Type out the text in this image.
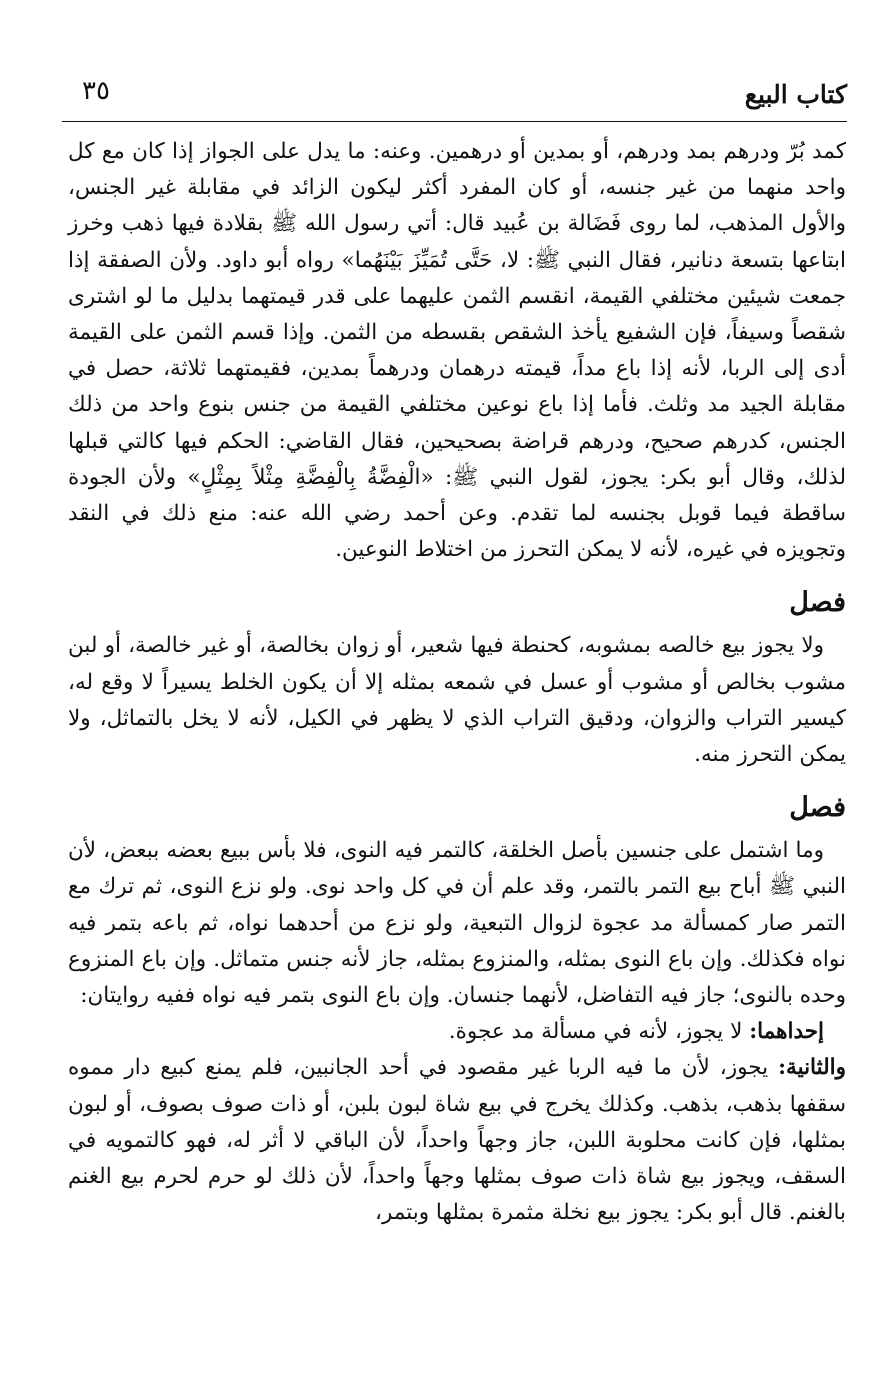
٣٥	كتاب البيع

كمد بُرّ ودرهم بمد ودرهم، أو بمدين أو درهمين. وعنه: ما يدل على الجواز إذا كان مع كل واحد منهما من غير جنسه، أو كان المفرد أكثر ليكون الزائد في مقابلة غير الجنس، والأول المذهب، لما روى فَضَالة بن عُبيد قال: أتي رسول الله ﷺ بقلادة فيها ذهب وخرز ابتاعها بتسعة دنانير، فقال النبي ﷺ: لا، حَتَّى تُمَيِّزَ بَيْنَهُما» رواه أبو داود. ولأن الصفقة إذا جمعت شيئين مختلفي القيمة، انقسم الثمن عليهما على قدر قيمتهما بدليل ما لو اشترى شقصاً وسيفاً، فإن الشفيع يأخذ الشقص بقسطه من الثمن. وإذا قسم الثمن على القيمة أدى إلى الربا، لأنه إذا باع مداً، قيمته درهمان ودرهماً بمدين، فقيمتهما ثلاثة، حصل في مقابلة الجيد مد وثلث. فأما إذا باع نوعين مختلفي القيمة من جنس بنوع واحد من ذلك الجنس، كدرهم صحيح، ودرهم قراضة بصحيحين، فقال القاضي: الحكم فيها كالتي قبلها لذلك، وقال أبو بكر: يجوز، لقول النبي ﷺ: «الْفِضَّةُ بِالْفِضَّةِ مِثْلاً بِمِثْلٍ» ولأن الجودة ساقطة فيما قوبل بجنسه لما تقدم. وعن أحمد رضي الله عنه: منع ذلك في النقد وتجويزه في غيره، لأنه لا يمكن التحرز من اختلاط النوعين.

فصل

ولا يجوز بيع خالصه بمشوبه، كحنطة فيها شعير، أو زوان بخالصة، أو غير خالصة، أو لبن مشوب بخالص أو مشوب أو عسل في شمعه بمثله إلا أن يكون الخلط يسيراً لا وقع له، كيسير التراب والزوان، ودقيق التراب الذي لا يظهر في الكيل، لأنه لا يخل بالتماثل، ولا يمكن التحرز منه.

فصل

وما اشتمل على جنسين بأصل الخلقة، كالتمر فيه النوى، فلا بأس ببيع بعضه ببعض، لأن النبي ﷺ أباح بيع التمر بالتمر، وقد علم أن في كل واحد نوى. ولو نزع النوى، ثم ترك مع التمر صار كمسألة مد عجوة لزوال التبعية، ولو نزع من أحدهما نواه، ثم باعه بتمر فيه نواه فكذلك. وإن باع النوى بمثله، والمنزوع بمثله، جاز لأنه جنس متماثل. وإن باع المنزوع وحده بالنوى؛ جاز فيه التفاضل، لأنهما جنسان. وإن باع النوى بتمر فيه نواه ففيه روايتان:

إحداهما: لا يجوز، لأنه في مسألة مد عجوة.

والثانية: يجوز، لأن ما فيه الربا غير مقصود في أحد الجانبين، فلم يمنع كبيع دار مموه سقفها بذهب، بذهب. وكذلك يخرج في بيع شاة لبون بلبن، أو ذات صوف بصوف، أو لبون بمثلها، فإن كانت محلوبة اللبن، جاز وجهاً واحداً، لأن الباقي لا أثر له، فهو كالتمويه في السقف، ويجوز بيع شاة ذات صوف بمثلها وجهاً واحداً، لأن ذلك لو حرم لحرم بيع الغنم بالغنم. قال أبو بكر: يجوز بيع نخلة مثمرة بمثلها وبتمر،
